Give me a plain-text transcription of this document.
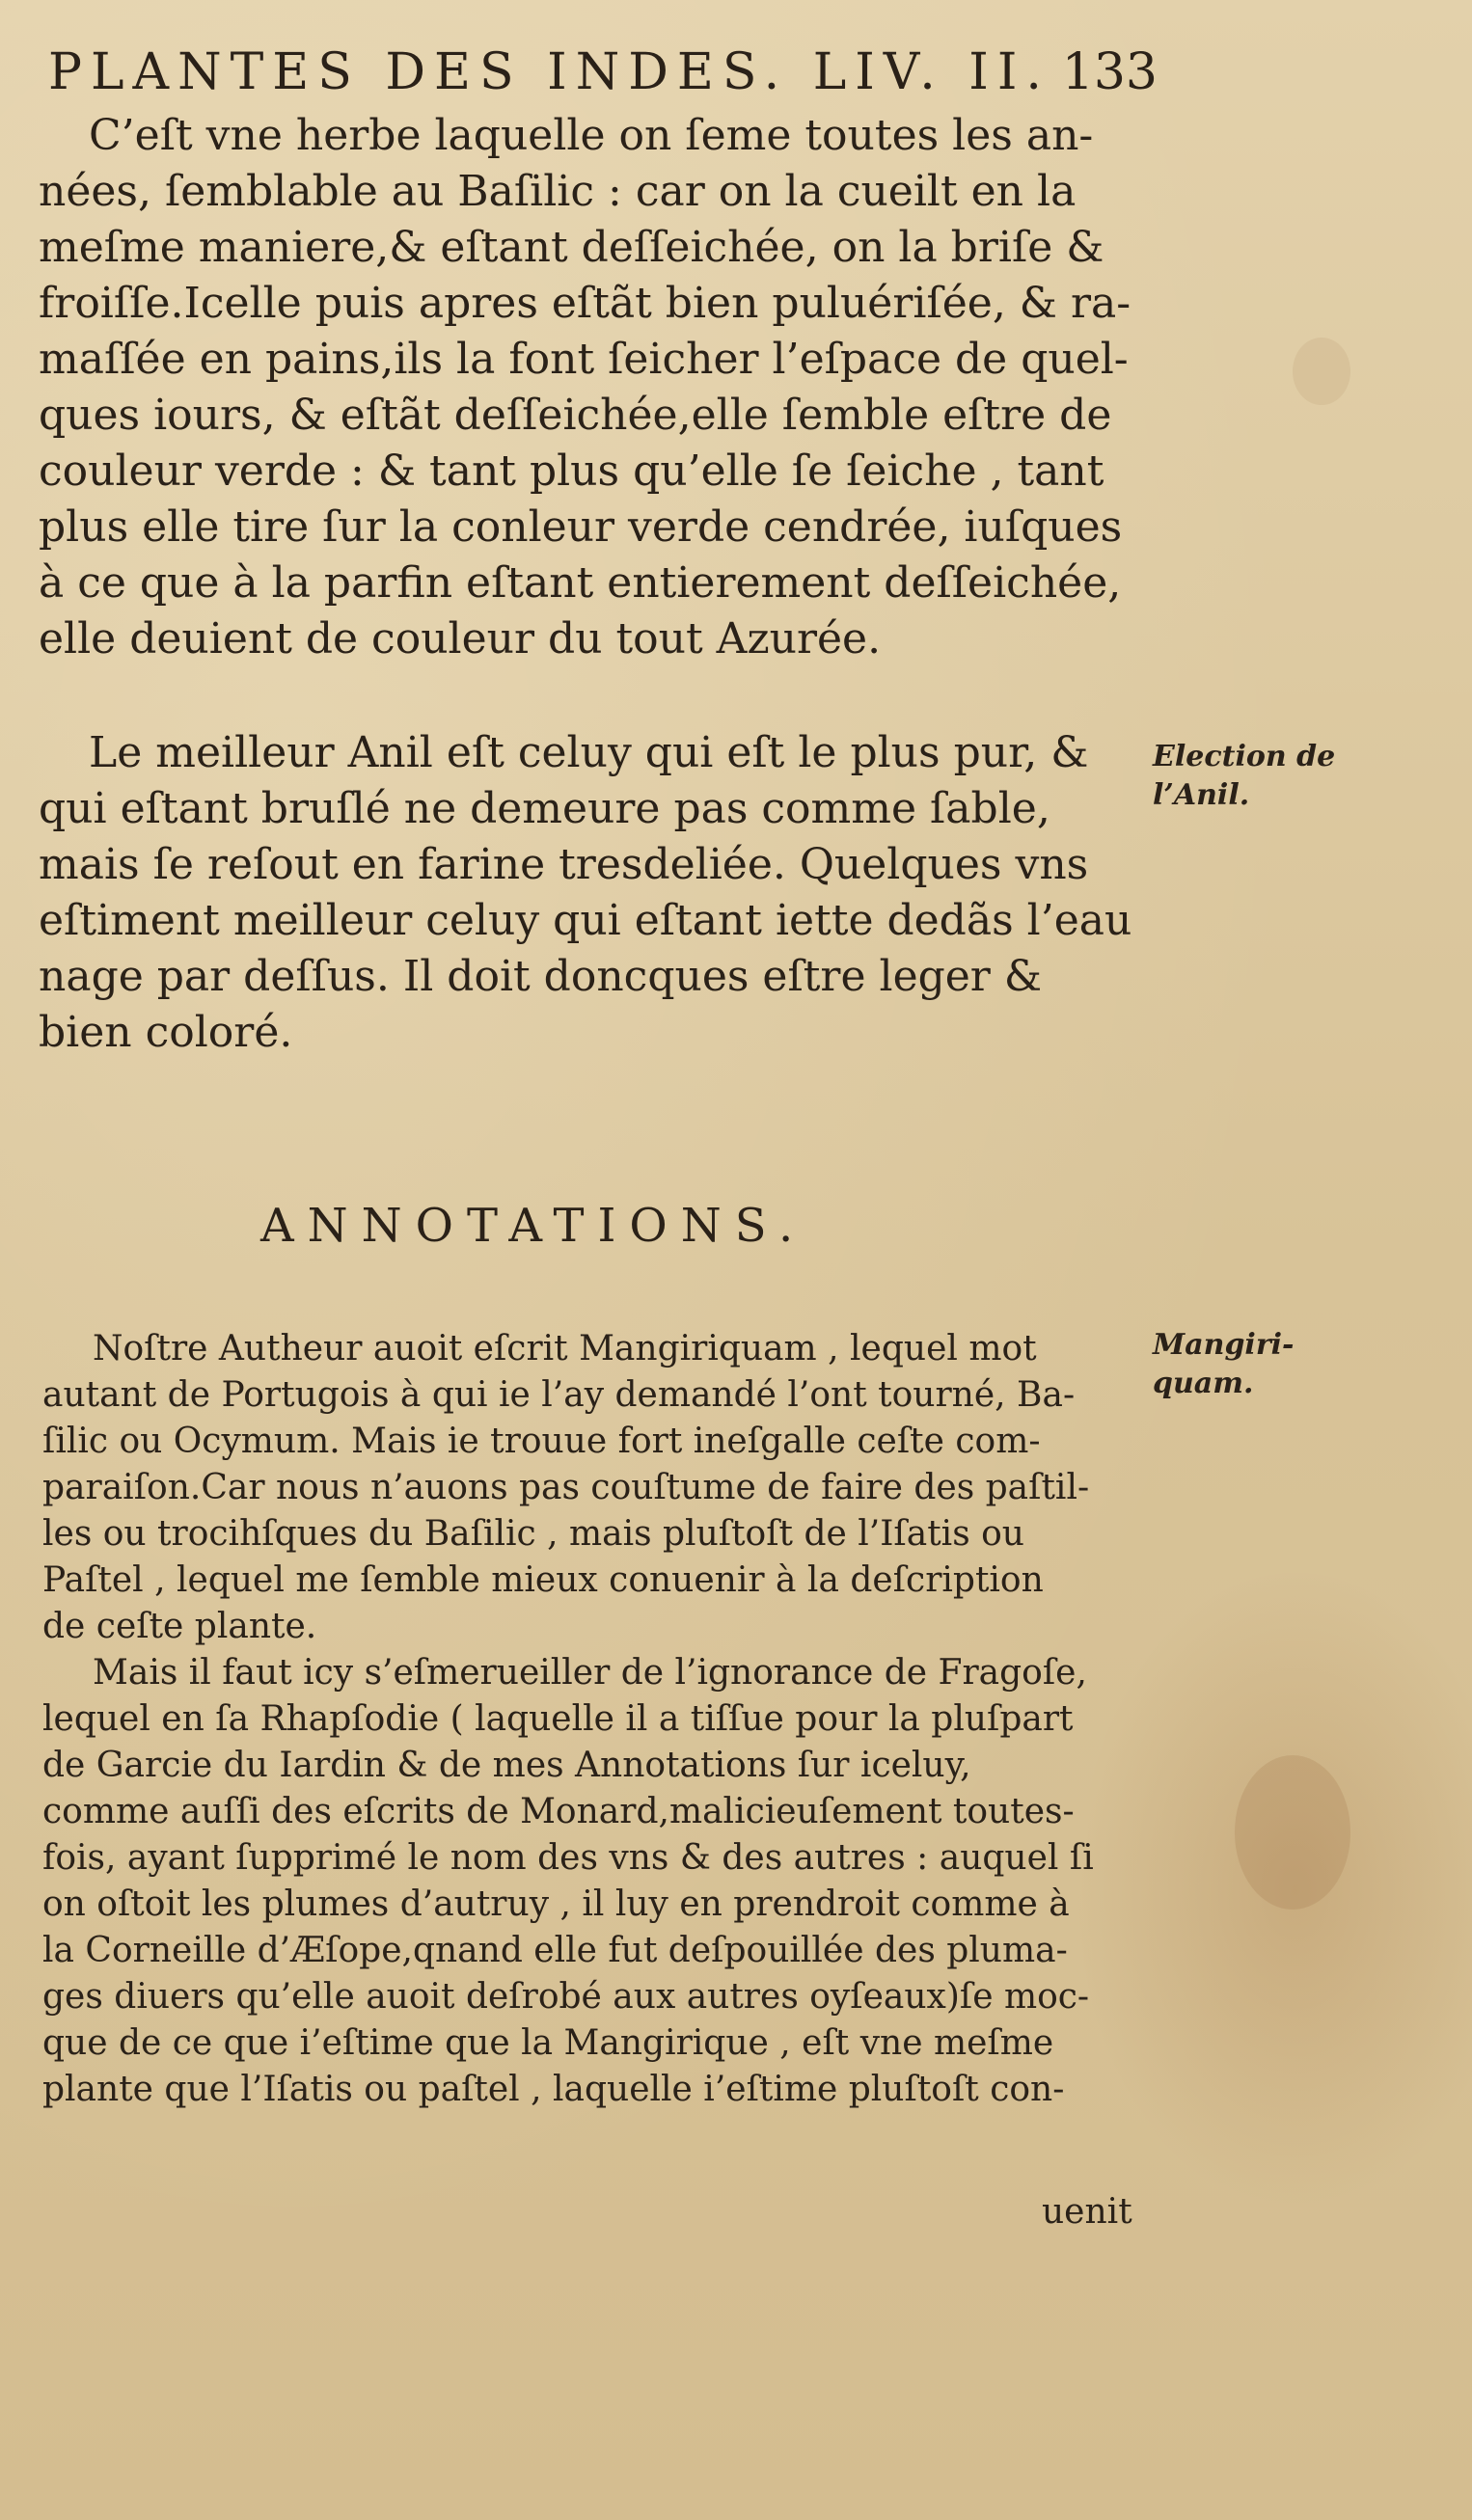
PLANTES DES INDES. LIV. II. 133
C’eſt vne herbe laquelle on ſeme toutes les an-
nées, ſemblable au Baſilic : car on la cueilt en la
meſme maniere,& eſtant deſſeichée, on la briſe &
froiſſe.Icelle puis apres eſtãt bien puluériſée, & ra-
maſſée en pains,ils la font ſeicher l’eſpace de quel-
ques iours, & eſtãt deſſeichée,elle ſemble eſtre de
couleur verde : & tant plus qu’elle ſe ſeiche , tant
plus elle tire ſur la conleur verde cendrée, iuſques
à ce que à la parfin eſtant entierement deſſeichée,
elle deuient de couleur du tout Azurée.
Le meilleur Anil eſt celuy qui eſt le plus pur, &
qui eſtant bruſlé ne demeure pas comme ſable,
mais ſe reſout en farine tresdeliée. Quelques vns
eſtiment meilleur celuy qui eſtant iette dedãs l’eau
nage par deſſus. Il doit doncques eſtre leger &
bien coloré.
Election de
l’Anil.
ANNOTATIONS.
Noſtre Autheur auoit eſcrit Mangiriquam , lequel mot
autant de Portugois à qui ie l’ay demandé l’ont tourné, Ba-
ſilic ou Ocymum. Mais ie trouue fort ineſgalle ceſte com-
paraiſon.Car nous n’auons pas couſtume de faire des paſtil-
les ou trocihſques du Baſilic , mais pluſtoſt de l’Iſatis ou
Paſtel , lequel me ſemble mieux conuenir à la deſcription
de ceſte plante.
Mais il faut icy s’eſmerueiller de l’ignorance de Fragoſe,
lequel en ſa Rhapſodie ( laquelle il a tiſſue pour la pluſpart
de Garcie du Iardin & de mes Annotations ſur iceluy,
comme auſſi des eſcrits de Monard,malicieuſement toutes-
fois, ayant ſupprimé le nom des vns & des autres : auquel ſi
on oſtoit les plumes d’autruy , il luy en prendroit comme à
la Corneille d’Æſope,qnand elle fut deſpouillée des pluma-
ges diuers qu’elle auoit deſrobé aux autres oyſeaux)ſe moc-
que de ce que i’eſtime que la Mangirique , eſt vne meſme
plante que l’Iſatis ou paſtel , laquelle i’eſtime pluſtoſt con-
Mangiri-
quam.
uenit
